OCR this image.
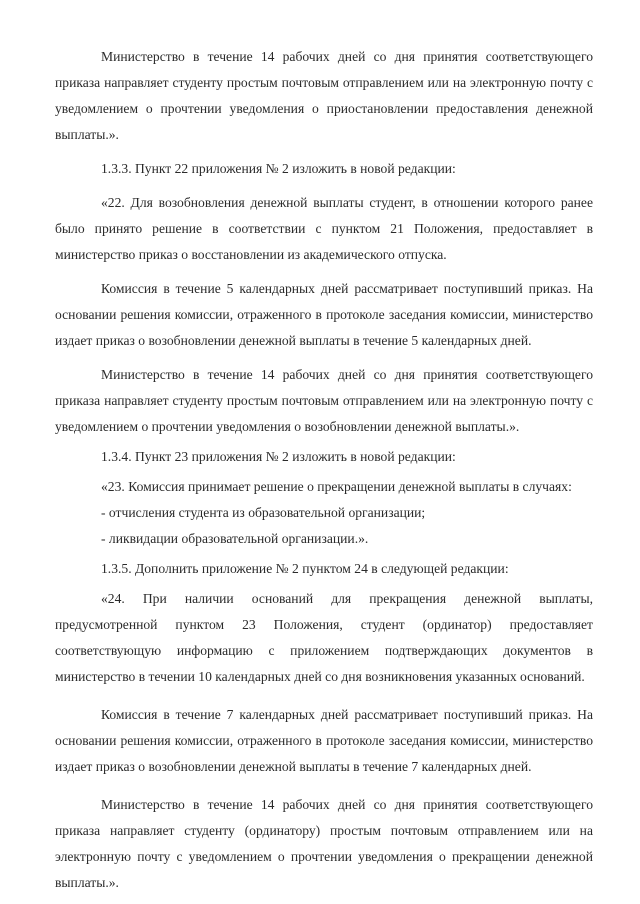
Министерство в течение 14 рабочих дней со дня принятия соответствующего приказа направляет студенту простым почтовым отправлением или на электронную почту с уведомлением о прочтении уведомления о приостановлении предоставления денежной выплаты.».

1.3.3. Пункт 22 приложения № 2 изложить в новой редакции:

«22. Для возобновления денежной выплаты студент, в отношении которого ранее было принято решение в соответствии с пунктом 21 Положения, предоставляет в министерство приказ о восстановлении из академического отпуска.

Комиссия в течение 5 календарных дней рассматривает поступивший приказ. На основании решения комиссии, отраженного в протоколе заседания комиссии, министерство издает приказ о возобновлении денежной выплаты в течение 5 календарных дней.

Министерство в течение 14 рабочих дней со дня принятия соответствующего приказа направляет студенту простым почтовым отправлением или на электронную почту с уведомлением о прочтении уведомления о возобновлении денежной выплаты.».

1.3.4. Пункт 23 приложения № 2 изложить в новой редакции:

«23. Комиссия принимает решение о прекращении денежной выплаты в случаях:

- отчисления студента из образовательной организации;

- ликвидации образовательной организации.».

1.3.5. Дополнить приложение № 2 пунктом 24 в следующей редакции:

«24. При наличии оснований для прекращения денежной выплаты, предусмотренной пунктом 23 Положения, студент (ординатор) предоставляет соответствующую информацию с приложением подтверждающих документов в министерство в течении 10 календарных дней со дня возникновения указанных оснований.

Комиссия в течение 7 календарных дней рассматривает поступивший приказ. На основании решения комиссии, отраженного в протоколе заседания комиссии, министерство издает приказ о возобновлении денежной выплаты в течение 7 календарных дней.

Министерство в течение 14 рабочих дней со дня принятия соответствующего приказа направляет студенту (ординатору) простым почтовым отправлением или на электронную почту с уведомлением о прочтении уведомления о прекращении денежной выплаты.».
